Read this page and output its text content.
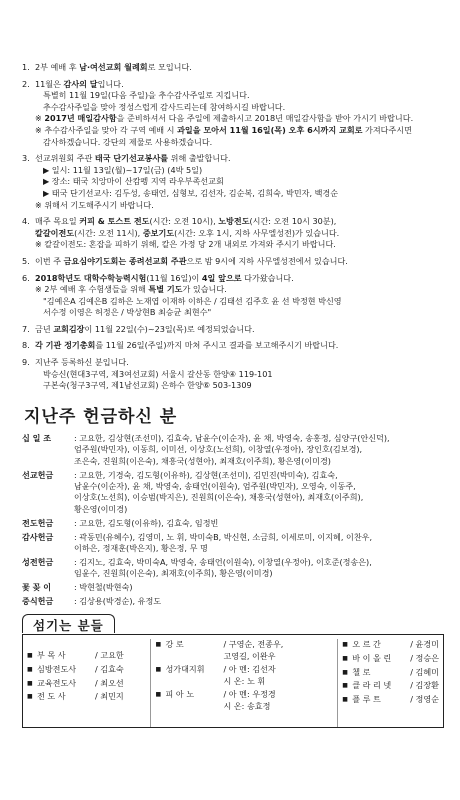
1. 2부 예배 후 남·여선교회 월례회로 모입니다.
2. 11월은 감사의 달입니다.
특별히 11월 19일(다음 주일)을 추수감사주일로 지킵니다.
추수감사주일을 맞아 정성스럽게 감사드리는데 참여하시길 바랍니다.
※ 2017년 매일감사함을 준비하셔서 다음 주일에 제출하시고 2018년 매일감사함을 받아 가시기 바랍니다.
※ 추수감사주일을 맞아 각 구역 예배 시 과일을 모아서 11월 16일(목) 오후 6시까지 교회로 가져다주시면
감사하겠습니다. 강단의 제물로 사용하겠습니다.
3. 선교위원회 주관 태국 단기선교봉사를 위해 출발합니다.
▶ 일시: 11월 13일(월)~17일(금) (4박 5일)
▶ 장소: 태국 치앙마이 산캄펭 지역 라우부족선교회
▶ 태국 단기선교사: 김두성, 송태언, 심형보, 김선자, 김순복, 김희숙, 박민자, 백경순
※ 위해서 기도해주시기 바랍니다.
4. 매주 목요일 커피 & 토스트 전도(시간: 오전 10시), 노방전도(시간: 오전 10시 30분),
칼갈이전도(시간: 오전 11시), 중보기도(시간: 오후 1시, 지하 사무엘성전)가 있습니다.
※ 칼갈이전도: 혼잡을 피하기 위해, 칼은 가정 당 2개 내외로 가져와 주시기 바랍니다.
5. 이번 주 금요심야기도회는 종려선교회 주관으로 밤 9시에 지하 사무엘성전에서 있습니다.
6. 2018학년도 대학수학능력시험(11월 16일)이 4일 앞으로 다가왔습니다.
※ 2부 예배 후 수험생들을 위해 특별 기도가 있습니다.
"김예은A 김예은B 김하은 노재엽 이재하 이하은 / 김태선 김주호 윤 선 박정현 박신영
서수정 이영은 허정은 / 박상현B 최승균 최현수"
7. 금년 교회김장이 11월 22일(수)~23일(목)로 예정되었습니다.
8. 각 기관 정기총회를 11월 26일(주일)까지 마쳐 주시고 결과를 보고해주시기 바랍니다.
9. 지난주 등록하신 분입니다.
박승신(현대3구역, 제3여선교회) 서울시 갈산동 한양④ 119-101
구본숙(청구3구역, 제1남선교회) 은하수 한양⑥ 503-1309
지난주 헌금하신 분
십 일 조	: 고요한, 김상현(조선미), 김효숙, 남윤수(이순자), 윤 채, 박영숙, 송홍정, 심양구(안신덕),
엄주원(박민자), 이동희, 이미선, 이상호(노선희), 이창열(우정아), 장인호(김보경),
조은숙, 진원희(이은숙), 채흥국(성현아), 최재호(이주희), 황은영(이미경)
선교헌금	: 고요한, 기경숙, 김도형(이유하), 김상현(조선미), 김민진(박미숙), 김효숙,
남윤수(이순자), 윤 채, 박영숙, 송태언(이원숙), 엄주원(박민자), 오영숙, 이동주,
이상호(노선희), 이승범(박지은), 진원희(이은숙), 채흥국(성현아), 최재호(이주희),
황은영(이미경)
전도헌금	: 고요한, 김도형(이유하), 김효숙, 임정빈
감사헌금	: 곽동민(유혜수), 김영미, 노 휘, 박미숙B, 박신현, 소금희, 이세로미, 이지혜, 이찬우,
이하은, 정재훈(박은지), 황은정, 무 명
성전헌금	: 김지노, 김효숙, 박미숙A, 박영숙, 송태언(이원숙), 이창열(우정아), 이호준(정송은),
임윤수, 진원희(이은숙), 최재호(이주희), 황은영(이미경)
꽃 꽂 이	: 박현철(박현숙)
중식헌금	: 김상용(박경순), 유정도
섬기는 분들
■ 부 목 사	/ 고요한
■ 심방전도사	/ 김효숙
■ 교육전도사	/ 최오선
■ 전 도 사	/ 최민지
■ 강 로	/ 구영순, 전종우,
고영길, 이완우
■ 성가대지휘	/ 아 멘: 김선자
시 온: 노 휘
■ 피 아 노	/ 아 멘: 우정경
시 온: 송효정
■ 오 르 간	/ 윤경미
■ 바 이 올 린	/ 정승은
■ 첼 로	/ 김혜미
■ 클 라 리 넷	/ 김장환
■ 플 루 트	/ 정영순
